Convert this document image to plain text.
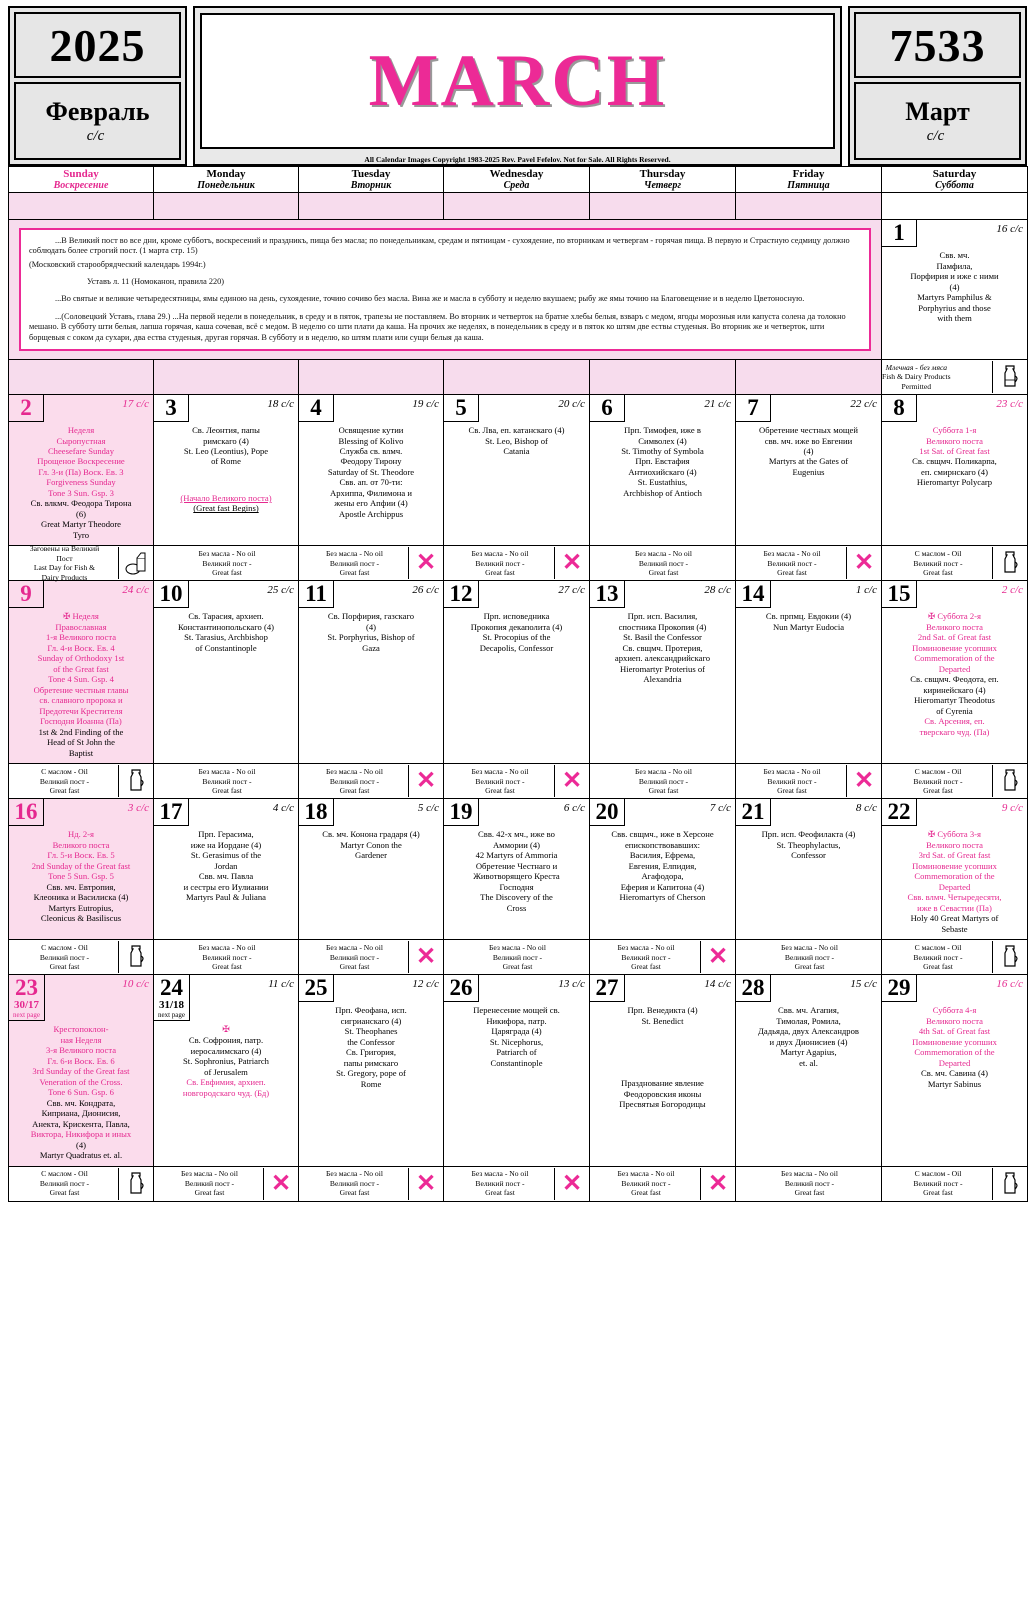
2025
Февраль
с/с
MARCH
All Calendar Images Copyright 1983-2025 Rev. Pavel Fefelov. Not for Sale. All Rights Reserved.
7533
Март
с/с
Sunday
Воскресение

Monday
Понедельник

Tuesday
Вторник

Wednesday
Среда

Thursday
Четверг

Friday
Пятница

Saturday
Суббота

...В Великий пост во все дни, кроме субботъ, воскресений и праздникъ, пища без масла; по понедельникам, средам и пятницам - сухоядение, по вторникам и четвергам - горячая пища. В первую и Страстную седмицу должно соблюдать более строгий пост. (1 марта стр. 15)

(Московский старообрядческий календарь 1994г.)

Уставъ л. 11 (Номоканон, правила 220)

...Во святые и великие четыредесятницы, ямы единою на день, сухоядение, точию сочиво без масла. Вина же и масла в субботу и неделю вкушаем; рыбу же ямы точию на Благовещение и в неделю Цветоносную.

...(Соловецкий Уставъ, глава 29.) ...На первой недели в понедельник, в среду и в пяток, трапезы не поставляем. Во вторник и четверток на братне хлебы белыя, взваръ с медом, ягоды морозныя или капуста солена да толокно мешано. В субботу шти белыя, лапша горячая, каша сочевая, всё с медом. В неделю со шти плати да каша. На прочих же неделях, в понедельник в среду и в пяток ко штям две ествы студеныя. Во вторник же и четверток, шти борщевыя с соком да сухари, два ества студеныя, другая горячая. В субботу и в неделю, ко штям плати или сущи белыя да каша.

1	16 с/с
Свв. мч.
Памфила,
Порфирия и иже с ними
(4)
Martyrs Pamphilus &
Porphyrius and those
with them

						Млечная - без мяса
Fish & Dairy Products
Permitted

2	17 с/с
Неделя
Сыропустная
Cheesefare Sunday
Прощеное Воскресение
Гл. 3-и (Па) Воск. Ев. 3
Forgiveness Sunday
Tone 3 Sun. Gsp. 3
Св. влкмч. Феодора Тирона
(6)
Great Martyr Theodore
Tyro

3	18 с/с
Св. Леонтия, папы
римскаго (4)
St. Leo (Leontius), Pope
of Rome
(Начало Великого поста)
(Great fast Begins)

4	19 с/с
Освящение кутии
Blessing of Kolivo
Служба св. влмч.
Феодору Тирону
Saturday of St. Theodore
Свв. ап. от 70-ти:
Архиппа, Филимона и
жены его Апфии (4)
Apostle Archippus

5	20 с/с
Св. Лва, еп. катанскаго (4)
St. Leo, Bishop of
Catania

6	21 с/с
Прп. Тимофея, иже в
Символех (4)
St. Timothy of Symbola
Прп. Евстафия
Антиохийскаго (4)
St. Eustathius,
Archbishop of Antioch

7	22 с/с
Обретение честных мощей
свв. мч. иже во Евгении
(4)
Martyrs at the Gates of
Eugenius

8	23 с/с
Суббота 1-я
Великого поста
1st Sat. of Great fast
Св. свщмч. Поликарпа,
еп. смирнскаго (4)
Hieromartyr Polycarp

Заговены на Великий
Пост
Last Day for Fish &
Dairy Products

Без масла - No oil
Великий пост -
Great fast

Без масла - No oil
Великий пост -
Great fast	✕	Без масла - No oil
Великий пост -
Great fast	✕	Без масла - No oil
Великий пост -
Great fast

Без масла - No oil
Великий пост -
Great fast	✕	С маслом - Oil
Великий пост -
Great fast

9	24 с/с
✠ Неделя
Православная
1-я Великого поста
Гл. 4-и Воск. Ев. 4
Sunday of Orthodoxy 1st
of the Great fast
Tone 4 Sun. Gsp. 4
Обретение честныя главы
св. славного пророка и
Предотечи Крестителя
Господня Иоанна (Па)
1st & 2nd Finding of the
Head of St John the
Baptist

10	25 с/с
Св. Тарасия, архиеп.
Константинопольскаго (4)
St. Tarasius, Archbishop
of Constantinople

11	26 с/с
Св. Порфирия, газскаго
(4)
St. Porphyrius, Bishop of
Gaza

12	27 с/с
Прп. исповедника
Прокопия декаполита (4)
St. Procopius of the
Decapolis, Confessor

13	28 с/с
Прп. исп. Василия,
спостника Прокопия (4)
St. Basil the Confessor
Св. свщмч. Протерия,
архиеп. александрийскаго
Hieromartyr Proterius of
Alexandria

14	1 с/с
Св. прпмц. Евдокии (4)
Nun Martyr Eudocia

15	2 с/с
✠ Суббота 2-я
Великого поста
2nd Sat. of Great fast
Поминовение усопших
Commemoration of the
Departed
Св. свщмч. Феодота, еп.
киринейскаго (4)
Hieromartyr Theodotus
of Cyrenia
Св. Арсения, еп.
тверскаго чуд. (Па)

С маслом - Oil
Великий пост -
Great fast

Без масла - No oil
Великий пост -
Great fast

Без масла - No oil
Великий пост -
Great fast	✕	Без масла - No oil
Великий пост -
Great fast	✕	Без масла - No oil
Великий пост -
Great fast

Без масла - No oil
Великий пост -
Great fast	✕	С маслом - Oil
Великий пост -
Great fast

16	3 с/с
Нд. 2-я
Великого поста
Гл. 5-и Воск. Ев. 5
2nd Sunday of the Great fast
Tone 5 Sun. Gsp. 5
Свв. мч. Евтропия,
Клеоника и Василиска (4)
Martyrs Eutropius,
Cleonicus & Basiliscus

17	4 с/с
Прп. Герасима,
иже на Иордане (4)
St. Gerasimus of the
Jordan
Свв. мч. Павла
и сестры его Иулиании
Martyrs Paul & Juliana

18	5 с/с
Св. мч. Конона градаря (4)
Martyr Conon the
Gardener

19	6 с/с
Свв. 42-х мч., иже во
Аммории (4)
42 Martyrs of Ammoria
Обретение Честнаго и
Животворящего Креста
Господня
The Discovery of the
Cross

20	7 с/с
Свв. свщмч., иже в Херсоне
епископствовавших:
Василия, Ефрема,
Евгения, Елпидия,
Агафодора,
Еферия и Капитона (4)
Hieromartyrs of Cherson

21	8 с/с
Прп. исп. Феофилакта (4)
St. Theophylactus,
Confessor

22	9 с/с
✠ Суббота 3-я
Великого поста
3rd Sat. of Great fast
Поминовение усопших
Commemoration of the
Departed
Свв. влмч. Четыредесяти,
иже в Севастии (Па)
Holy 40 Great Martyrs of
Sebaste

С маслом - Oil
Великий пост -
Great fast

Без масла - No oil
Великий пост -
Great fast

Без масла - No oil
Великий пост -
Great fast	✕	Без масла - No oil
Великий пост -
Great fast

Без масла - No oil
Великий пост -
Great fast	✕	Без масла - No oil
Великий пост -
Great fast

С маслом - Oil
Великий пост -
Great fast

23
30/17
next page
10 с/с
Крестопоклон-
ная Неделя
3-я Великого поста
Гл. 6-и Воск. Ев. 6
3rd Sunday of the Great fast
Veneration of the Cross.
Tone 6 Sun. Gsp. 6
Свв. мч. Кондрата,
Киприана, Дионисия,
Анекта, Крискента, Павла,
Виктора, Никифора и иных
(4)
Martyr Quadratus et. al.

24
31/18
next page
11 с/с
✠
Св. Софрония, патр.
иеросалимскаго (4)
St. Sophronius, Patriarch
of Jerusalem
Св. Евфимия, архиеп.
новгородскаго чуд. (Бд)

25	12 с/с
Прп. Феофана, исп.
сигрианскаго (4)
St. Theophanes
the Confessor
Св. Григория,
папы римскаго
St. Gregory, pope of
Rome

26	13 с/с
Перенесение мощей св.
Никифора, патр.
Царяграда (4)
St. Nicephorus,
Patriarch of
Constantinople

27	14 с/с
Прп. Венедикта (4)
St. Benedict
Празднование явление
Феодоровския иконы
Пресвятыя Богородицы

28	15 с/с
Свв. мч. Агапия,
Тимолая, Ромила,
Дадьяда, двух Александров
и двух Дионисиев (4)
Martyr Agapius,
et. al.

29	16 с/с
Суббота 4-я
Великого поста
4th Sat. of Great fast
Поминовение усопших
Commemoration of the
Departed
Св. мч. Савина (4)
Martyr Sabinus

С маслом - Oil
Великий пост -
Great fast

Без масла - No oil
Великий пост -
Great fast	✕	Без масла - No oil
Великий пост -
Great fast	✕	Без масла - No oil
Великий пост -
Great fast	✕	Без масла - No oil
Великий пост -
Great fast	✕	Без масла - No oil
Великий пост -
Great fast

С маслом - Oil
Великий пост -
Great fast
